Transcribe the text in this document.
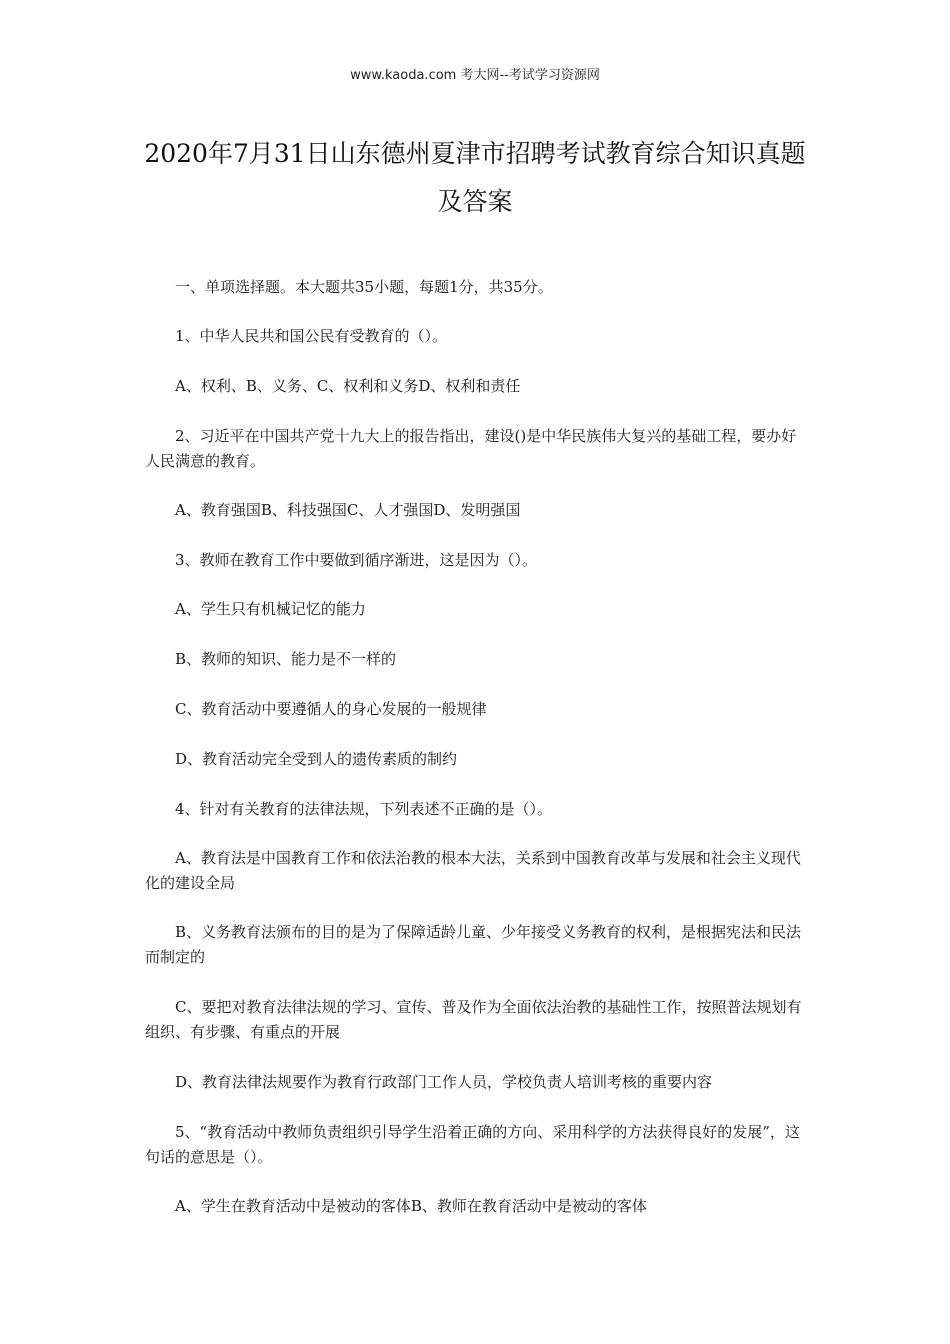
www.kaoda.com 考大网--考试学习资源网
2020年7月31日山东德州夏津市招聘考试教育综合知识真题及答案

一、单项选择题。本大题共35小题，每题1分，共35分。

1、中华人民共和国公民有受教育的（）。

A、权利、B、义务、C、权利和义务D、权利和责任

2、习近平在中国共产党十九大上的报告指出，建设()是中华民族伟大复兴的基础工程，要办好人民满意的教育。

A、教育强国B、科技强国C、人才强国D、发明强国

3、教师在教育工作中要做到循序渐进，这是因为（）。

A、学生只有机械记忆的能力

B、教师的知识、能力是不一样的

C、教育活动中要遵循人的身心发展的一般规律

D、教育活动完全受到人的遗传素质的制约

4、针对有关教育的法律法规，下列表述不正确的是（）。

A、教育法是中国教育工作和依法治教的根本大法，关系到中国教育改革与发展和社会主义现代化的建设全局

B、义务教育法颁布的目的是为了保障适龄儿童、少年接受义务教育的权利，是根据宪法和民法而制定的

C、要把对教育法律法规的学习、宣传、普及作为全面依法治教的基础性工作，按照普法规划有组织、有步骤、有重点的开展

D、教育法律法规要作为教育行政部门工作人员，学校负责人培训考核的重要内容

5、“教育活动中教师负责组织引导学生沿着正确的方向、采用科学的方法获得良好的发展”，这句话的意思是（）。

A、学生在教育活动中是被动的客体B、教师在教育活动中是被动的客体
